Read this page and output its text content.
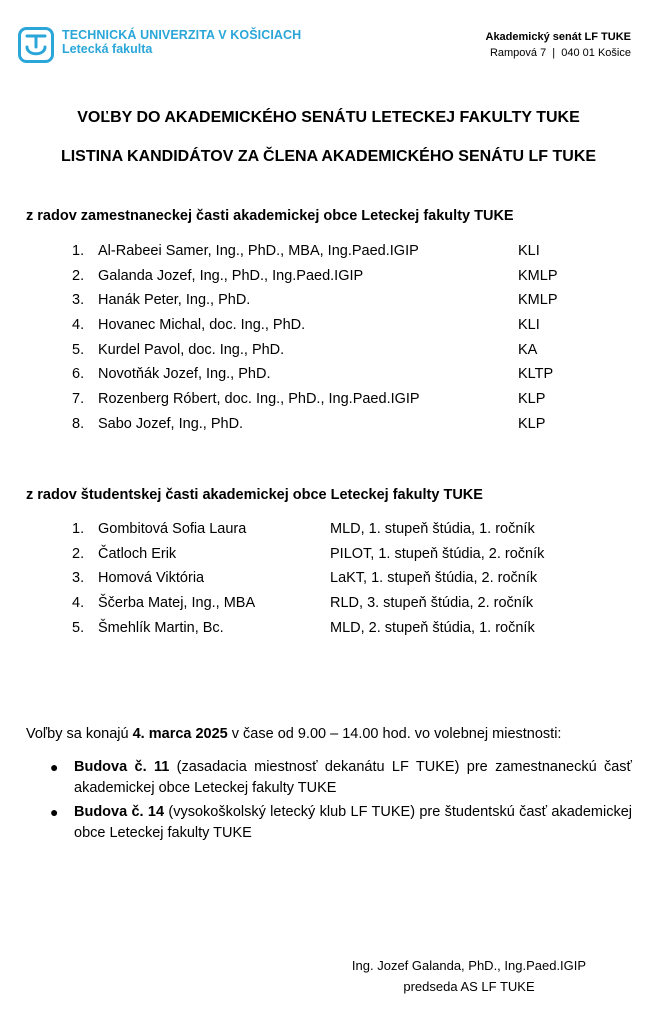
TECHNICKÁ UNIVERZITA V KOŠICIACH
Letecká fakulta
Akademický senát LF TUKE
Rampová 7  |  040 01 Košice
VOĽBY DO AKADEMICKÉHO SENÁTU LETECKEJ FAKULTY TUKE
LISTINA KANDIDÁTOV ZA ČLENA AKADEMICKÉHO SENÁTU LF TUKE
z radov zamestnaneckej časti akademickej obce Leteckej fakulty TUKE
1. Al-Rabeei Samer, Ing., PhD., MBA, Ing.Paed.IGIP	KLI
2. Galanda Jozef, Ing., PhD., Ing.Paed.IGIP	KMLP
3. Hanák Peter, Ing., PhD.	KMLP
4. Hovanec Michal, doc. Ing., PhD.	KLI
5. Kurdel Pavol, doc. Ing., PhD.	KA
6. Novotňák Jozef, Ing., PhD.	KLTP
7. Rozenberg Róbert, doc. Ing., PhD., Ing.Paed.IGIP	KLP
8. Sabo Jozef, Ing., PhD.	KLP
z radov študentskej časti akademickej obce Leteckej fakulty TUKE
1. Gombitová Sofia Laura	MLD, 1. stupeň štúdia, 1. ročník
2. Čatloch Erik	PILOT, 1. stupeň štúdia, 2. ročník
3. Homová Viktória	LaKT, 1. stupeň štúdia, 2. ročník
4. Ščerba Matej, Ing., MBA	RLD, 3. stupeň štúdia, 2. ročník
5. Šmehlík Martin, Bc.	MLD, 2. stupeň štúdia, 1. ročník
Voľby sa konajú 4. marca 2025 v čase od 9.00 – 14.00 hod. vo volebnej miestnosti:
●	Budova č. 11 (zasadacia miestnosť dekanátu LF TUKE) pre zamestnaneckú časť akademickej obce Leteckej fakulty TUKE
●	Budova č. 14 (vysokoškolský letecký klub LF TUKE) pre študentskú časť akademickej obce Leteckej fakulty TUKE
Ing. Jozef Galanda, PhD., Ing.Paed.IGIP
predseda AS LF TUKE
